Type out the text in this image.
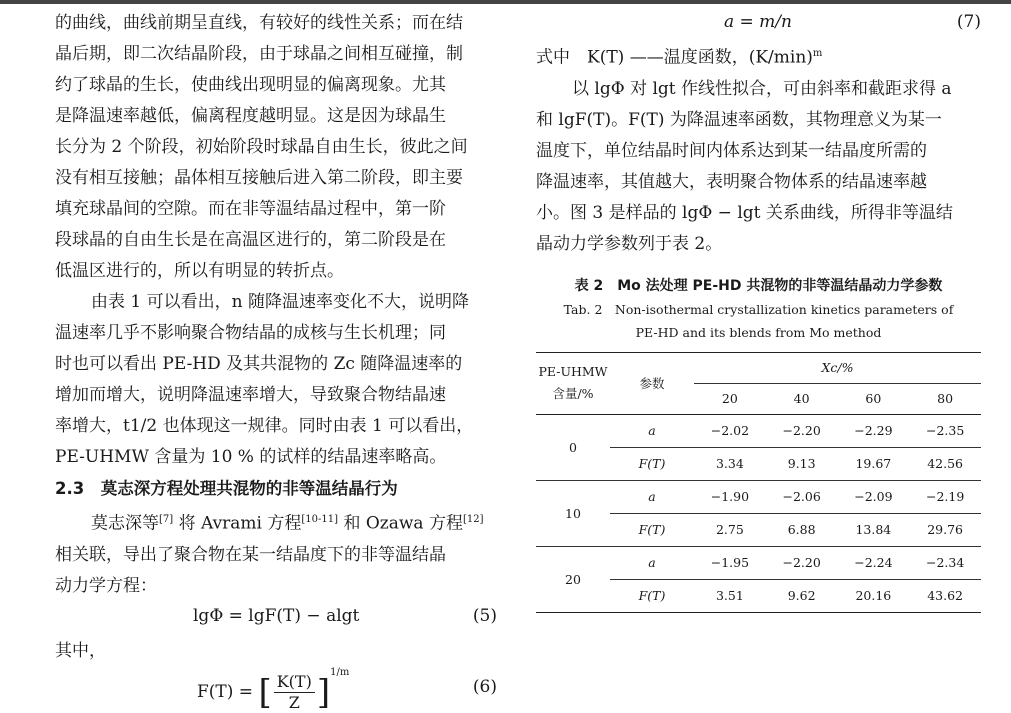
的曲线，曲线前期呈直线，有较好的线性关系；而在结
晶后期，即二次结晶阶段，由于球晶之间相互碰撞，制
约了球晶的生长，使曲线出现明显的偏离现象。尤其
是降温速率越低，偏离程度越明显。这是因为球晶生
长分为 2 个阶段，初始阶段时球晶自由生长，彼此之间
没有相互接触；晶体相互接触后进入第二阶段，即主要
填充球晶间的空隙。而在非等温结晶过程中，第一阶
段球晶的自由生长是在高温区进行的，第二阶段是在
低温区进行的，所以有明显的转折点。
由表 1 可以看出，n 随降温速率变化不大，说明降
温速率几乎不影响聚合物结晶的成核与生长机理；同
时也可以看出 PE-HD 及其共混物的 Zc 随降温速率的
增加而增大，说明降温速率增大，导致聚合物结晶速
率增大，t1/2 也体现这一规律。同时由表 1 可以看出，
PE-UHMW 含量为 10 % 的试样的结晶速率略高。
2.3　莫志深方程处理共混物的非等温结晶行为
莫志深等[7] 将 Avrami 方程[10-11] 和 Ozawa 方程[12]
相关联，导出了聚合物在某一结晶度下的非等温结晶
动力学方程：
lgΦ = lgF(T) − algt	(5)
其中，
F(T) = [ $\frac{K(T)}{Z} ]^{1/m}$
(6)
a = m/n	(7)
式中　K(T) ——温度函数，$(K/\min)^m$
以 lgΦ 对 lgt 作线性拟合，可由斜率和截距求得 a
和 lgF(T)。F(T) 为降温速率函数，其物理意义为某一
温度下，单位结晶时间内体系达到某一结晶度所需的
降温速率，其值越大，表明聚合物体系的结晶速率越
小。图 3 是样品的 lgΦ − lgt 关系曲线，所得非等温结
晶动力学参数列于表 2。

表 2　Mo 法处理 PE-HD 共混物的非等温结晶动力学参数

Tab. 2　Non-isothermal crystallization kinetics parameters of

PE-HD and its blends from Mo method

PE-UHMW
含量/%	参数	Xc/%			
		20	40	60	80
0	a	−2.02	−2.20	−2.29	−2.35
	F(T)	3.34	9.13	19.67	42.56
10	a	−1.90	−2.06	−2.09	−2.19
	F(T)	2.75	6.88	13.84	29.76
20	a	−1.95	−2.20	−2.24	−2.34
	F(T)	3.51	9.62	20.16	43.62
